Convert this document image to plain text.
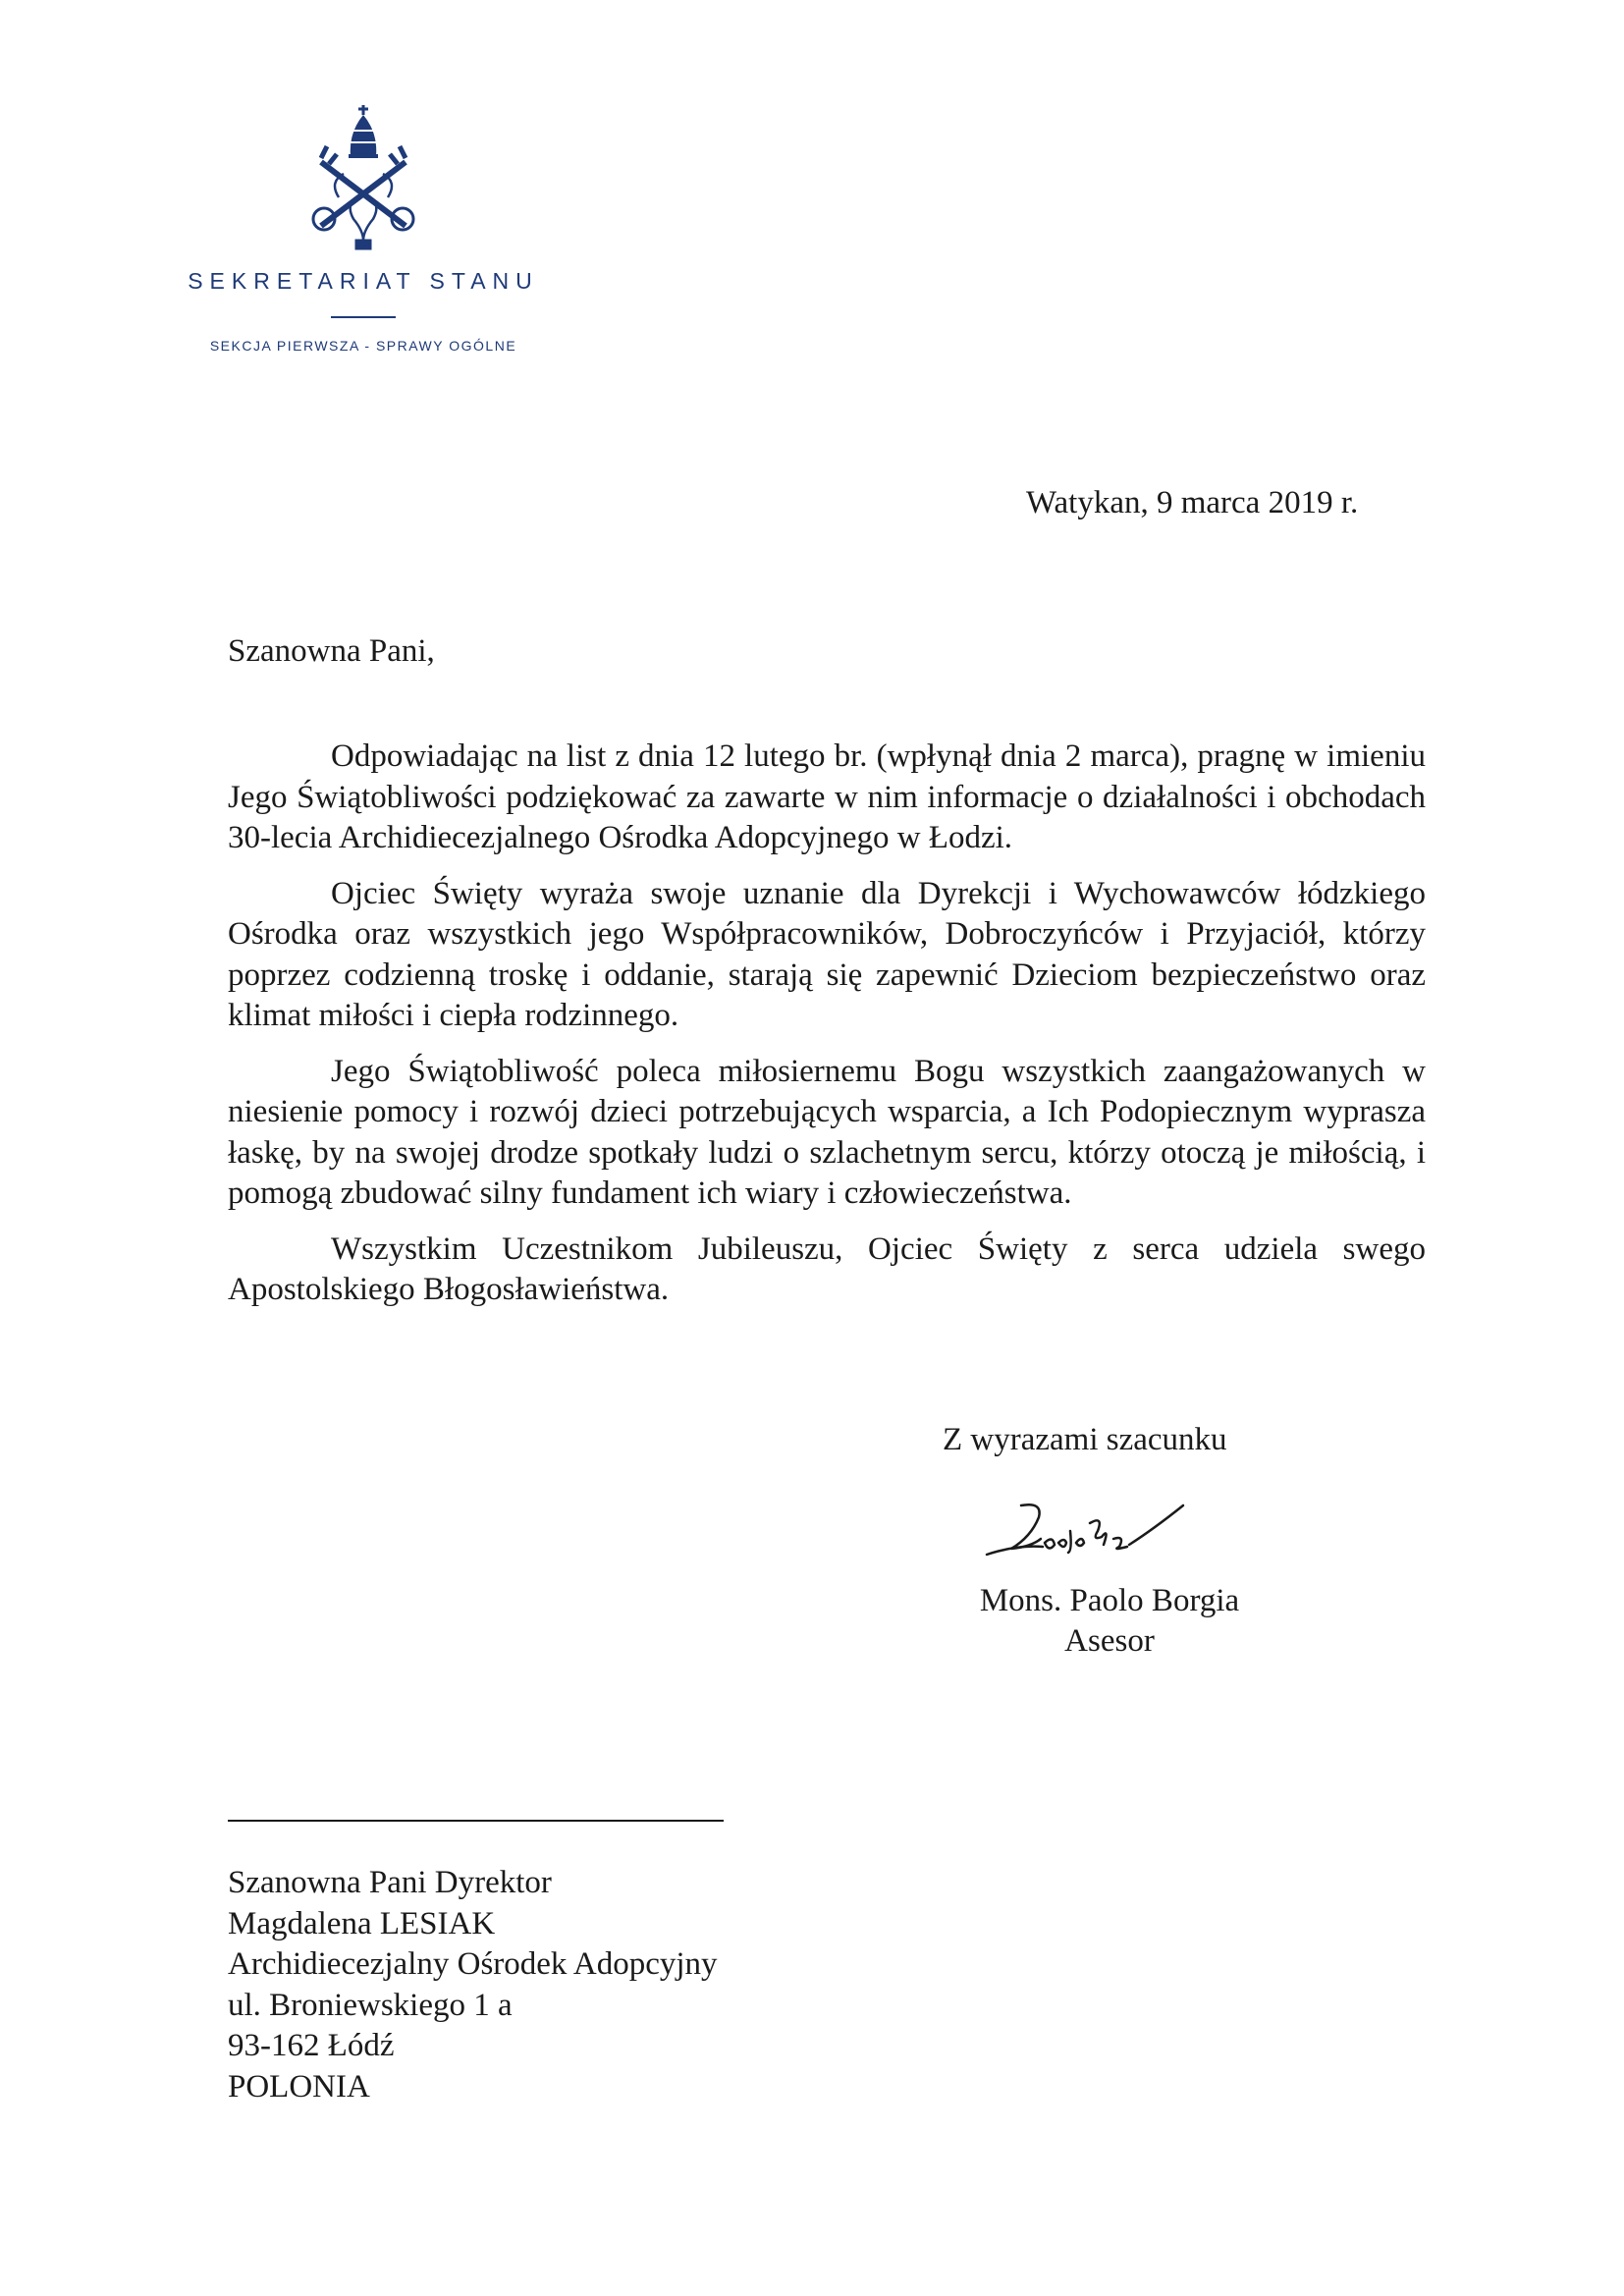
SEKRETARIAT STANU
SEKCJA PIERWSZA - SPRAWY OGÓLNE
Watykan, 9 marca 2019 r.
Szanowna Pani,

Odpowiadając na list z dnia 12 lutego br. (wpłynął dnia 2 marca), pragnę w imieniu Jego Świątobliwości podziękować za zawarte w nim informacje o działalności i obchodach 30-lecia Archidiecezjalnego Ośrodka Adopcyjnego w Łodzi.

Ojciec Święty wyraża swoje uznanie dla Dyrekcji i Wychowawców łódzkiego Ośrodka oraz wszystkich jego Współpracowników, Dobroczyńców i Przyjaciół, którzy poprzez codzienną troskę i oddanie, starają się zapewnić Dzieciom bezpieczeństwo oraz klimat miłości i ciepła rodzinnego.

Jego Świątobliwość poleca miłosiernemu Bogu wszystkich zaangażowanych w niesienie pomocy i rozwój dzieci potrzebujących wsparcia, a Ich Podopiecznym wyprasza łaskę, by na swojej drodze spotkały ludzi o szlachetnym sercu, którzy otoczą je miłością, i pomogą zbudować silny fundament ich wiary i człowieczeństwa.

Wszystkim Uczestnikom Jubileuszu, Ojciec Święty z serca udziela swego Apostolskiego Błogosławieństwa.

Z wyrazami szacunku
Mons. Paolo Borgia
Asesor
Szanowna Pani Dyrektor
Magdalena LESIAK
Archidiecezjalny Ośrodek Adopcyjny
ul. Broniewskiego 1 a
93-162 Łódź
POLONIA
